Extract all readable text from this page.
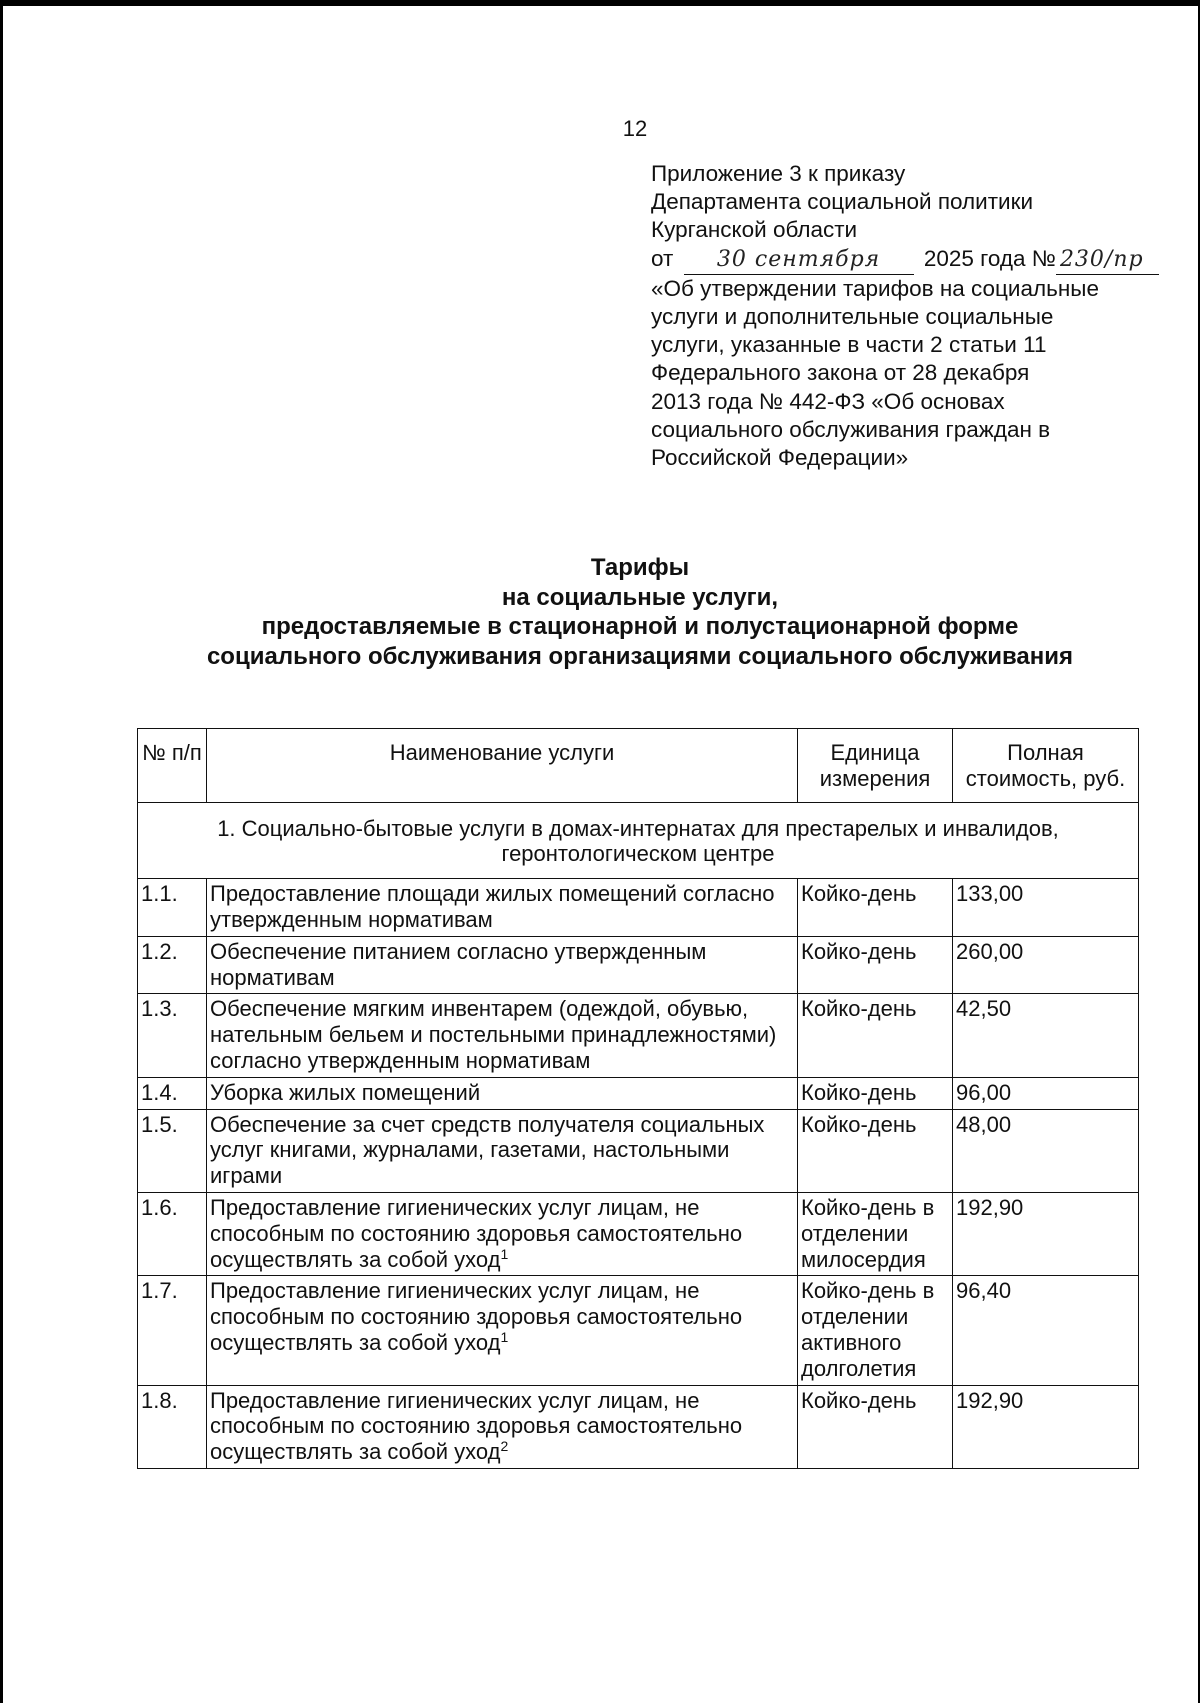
12
Приложение 3 к приказу
Департамента социальной политики
Курганской области
от 30 сентября 2025 года № 230/пр
«Об утверждении тарифов на социальные
услуги и дополнительные социальные
услуги, указанные в части 2 статьи 11
Федерального закона от 28 декабря
2013 года № 442-ФЗ «Об основах
социального обслуживания граждан в
Российской Федерации»
Тарифы
на социальные услуги,
предоставляемые в стационарной и полустационарной форме
социального обслуживания организациями социального обслуживания
№ п/п	Наименование услуги	Единица измерения	Полная стоимость, руб.
1. Социально-бытовые услуги в домах-интернатах для престарелых и инвалидов, геронтологическом центре			
1.1.	Предоставление площади жилых помещений согласно утвержденным нормативам	Койко-день	133,00
1.2.	Обеспечение питанием согласно утвержденным нормативам	Койко-день	260,00
1.3.	Обеспечение мягким инвентарем (одеждой, обувью, нательным бельем и постельными принадлежностями) согласно утвержденным нормативам	Койко-день	42,50
1.4.	Уборка жилых помещений	Койко-день	96,00
1.5.	Обеспечение за счет средств получателя социальных услуг книгами, журналами, газетами, настольными играми	Койко-день	48,00
1.6.	Предоставление гигиенических услуг лицам, не способным по состоянию здоровья самостоятельно осуществлять за собой уход$^1$	Койко-день в отделении милосердия	192,90
1.7.	Предоставление гигиенических услуг лицам, не способным по состоянию здоровья самостоятельно осуществлять за собой уход$^1$	Койко-день в отделении активного долголетия	96,40
1.8.	Предоставление гигиенических услуг лицам, не способным по состоянию здоровья самостоятельно осуществлять за собой уход$^2$	Койко-день	192,90
